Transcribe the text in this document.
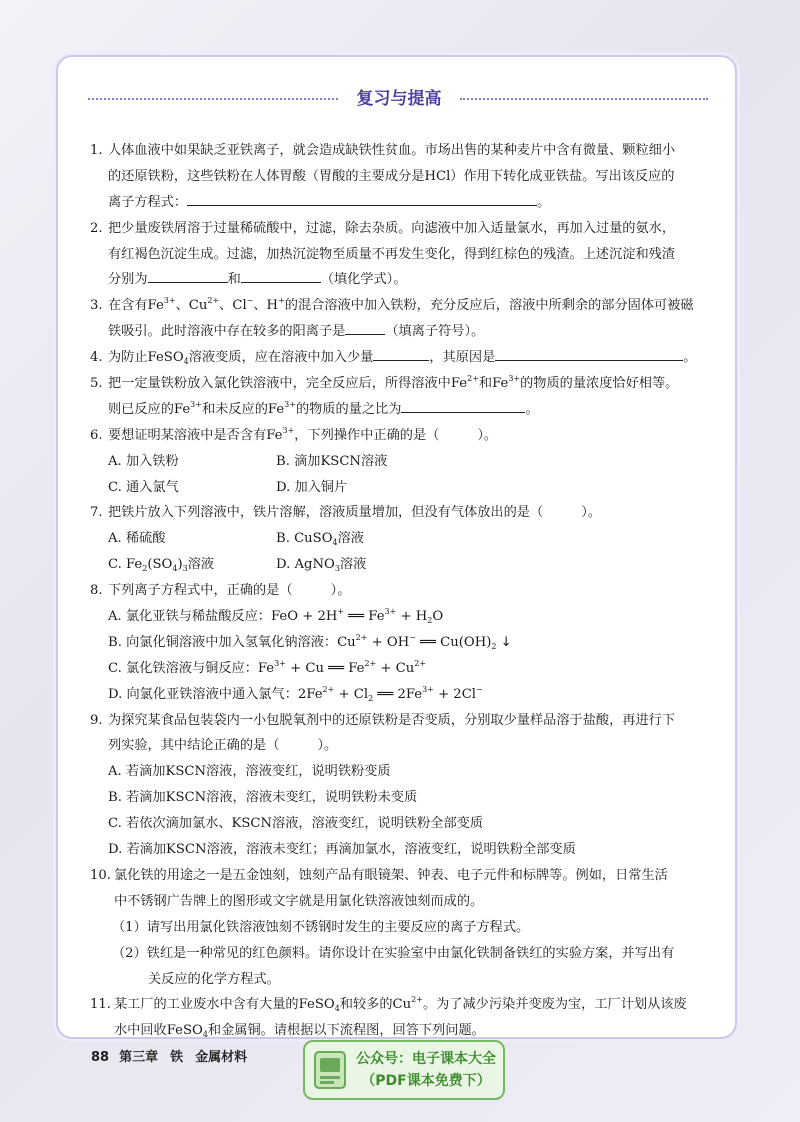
复习与提高
1. 人体血液中如果缺乏亚铁离子，就会造成缺铁性贫血。市场出售的某种麦片中含有微量、颗粒细小
的还原铁粉，这些铁粉在人体胃酸（胃酸的主要成分是HCl）作用下转化成亚铁盐。写出该反应的
离子方程式：	。
2. 把少量废铁屑溶于过量稀硫酸中，过滤，除去杂质。向滤液中加入适量氯水，再加入过量的氨水，
有红褐色沉淀生成。过滤，加热沉淀物至质量不再发生变化，得到红棕色的残渣。上述沉淀和残渣
分别为	和	（填化学式）。
3. 在含有$Fe^{3+}$、$Cu^{2+}$、Cl−、H+的混合溶液中加入铁粉，充分反应后，溶液中所剩余的部分固体可被磁
铁吸引。此时溶液中存在较多的阳离子是	（填离子符号）。
4. 为防止FeSO$_4$溶液变质，应在溶液中加入少量	，其原因是	。
5. 把一定量铁粉放入氯化铁溶液中，完全反应后，所得溶液中$Fe^{2+}$和$Fe^{3+}$的物质的量浓度恰好相等。
则已反应的$Fe^{3+}$和未反应的$Fe^{3+}$的物质的量之比为	。
6. 要想证明某溶液中是否含有$Fe^{3+}$，下列操作中正确的是（	）。
A. 加入铁粉	B. 滴加KSCN溶液
C. 通入氯气	D. 加入铜片
7. 把铁片放入下列溶液中，铁片溶解，溶液质量增加，但没有气体放出的是（	）。
A. 稀硫酸	B. CuSO$_4$溶液
C. $Fe_2(SO_4)_3$溶液	D. AgNO$_3$溶液
8. 下列离子方程式中，正确的是（	）。
A. 氯化亚铁与稀盐酸反应：FeO + 2H+ ══ $Fe^{3+} + H_2O$
B. 向氯化铜溶液中加入氢氧化钠溶液：$Cu^{2+} + OH^-$ ══ $Cu(OH)_2$ ↓
C. 氯化铁溶液与铜反应：$Fe^{3+} + Cu$ ══ $Fe^{2+} + Cu^{2+}$
D. 向氯化亚铁溶液中通入氯气：$2Fe^{2+} + Cl_2$ ══ $2Fe^{3+} + 2Cl^-$
9. 为探究某食品包装袋内一小包脱氧剂中的还原铁粉是否变质，分别取少量样品溶于盐酸，再进行下
列实验，其中结论正确的是（	）。
A. 若滴加KSCN溶液，溶液变红，说明铁粉变质
B. 若滴加KSCN溶液，溶液未变红，说明铁粉未变质
C. 若依次滴加氯水、KSCN溶液，溶液变红，说明铁粉全部变质
D. 若滴加KSCN溶液，溶液未变红；再滴加氯水，溶液变红，说明铁粉全部变质
10. 氯化铁的用途之一是五金蚀刻，蚀刻产品有眼镜架、钟表、电子元件和标牌等。例如，日常生活
中不锈钢广告牌上的图形或文字就是用氯化铁溶液蚀刻而成的。
（1）请写出用氯化铁溶液蚀刻不锈钢时发生的主要反应的离子方程式。
（2）铁红是一种常见的红色颜料。请你设计在实验室中由氯化铁制备铁红的实验方案，并写出有
关反应的化学方程式。
11. 某工厂的工业废水中含有大量的FeSO$_4$和较多的$Cu^{2+}$。为了减少污染并变废为宝，工厂计划从该废
水中回收FeSO$_4$和金属铜。请根据以下流程图，回答下列问题。
88 第三章 铁 金属材料	公众号：电子课本大全
（PDF课本免费下）
